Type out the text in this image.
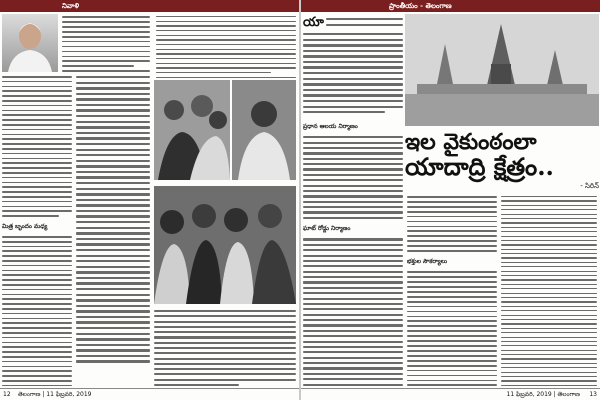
నివాళి
మిత్ర బృందం మధ్య
12 తెలంగాణ | 11 ఫిబ్రవరి, 2019
ప్రాంతీయం - తెలంగాణ
యా
ఇల వైకుంఠంలా
యాదాద్రి క్షేత్రం..
- సిరిన్
ప్రధాన ఆలయ నిర్మాణం
ఘాట్ రోడ్డు నిర్మాణం
భక్తుల సౌకర్యాలు
11 ఫిబ్రవరి, 2019 | తెలంగాణ 13
